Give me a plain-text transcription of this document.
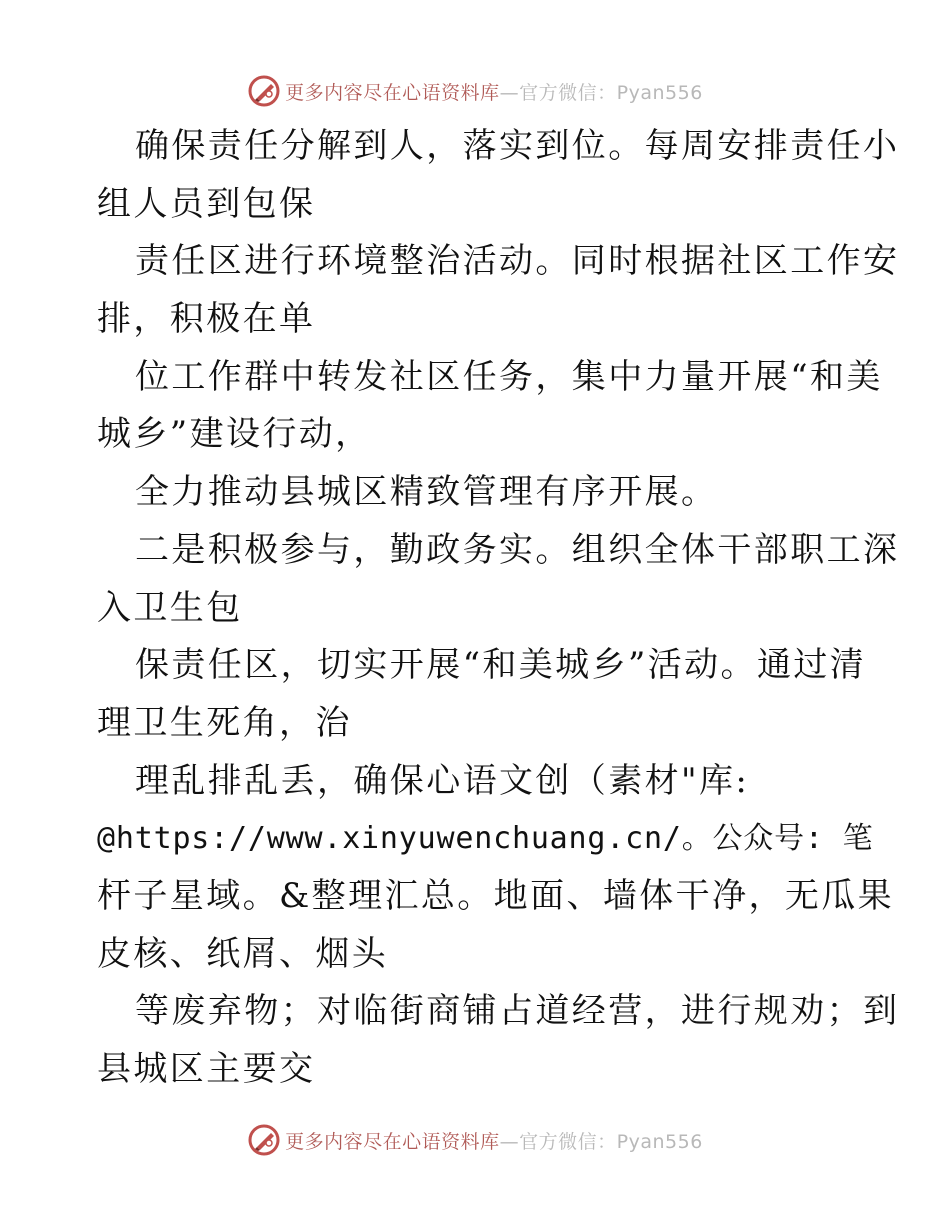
更多内容尽在心语资料库—官方微信：Pyan556
确保责任分解到人，落实到位。每周安排责任小
组人员到包保
责任区进行环境整治活动。同时根据社区工作安
排，积极在单
位工作群中转发社区任务，集中力量开展“和美
城乡”建设行动，
全力推动县城区精致管理有序开展。
二是积极参与，勤政务实。组织全体干部职工深
入卫生包
保责任区，切实开展“和美城乡”活动。通过清
理卫生死角，治
理乱排乱丢，确保心语文创（素材"库:
@https://www.xinyuwenchuang.cn/。公众号: 笔
杆子星域。&整理汇总。地面、墙体干净，无瓜果
皮核、纸屑、烟头
等废弃物；对临街商铺占道经营，进行规劝；到
县城区主要交
更多内容尽在心语资料库—官方微信：Pyan556
